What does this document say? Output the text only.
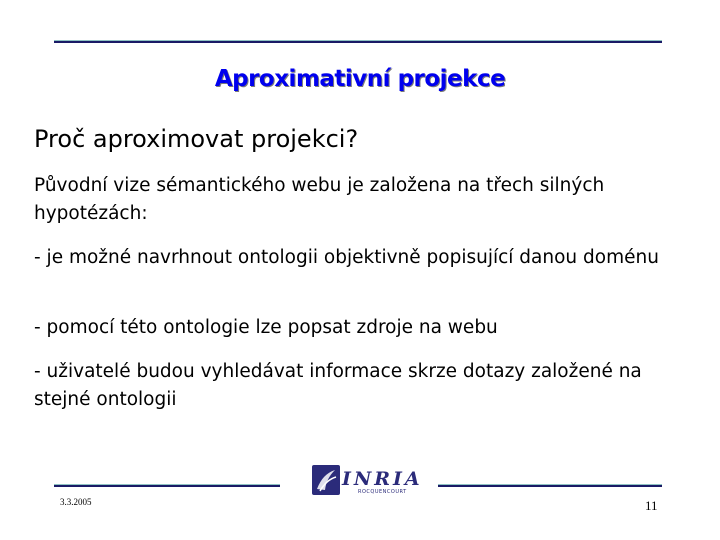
Aproximativní projekce
Proč aproximovat projekci?

Původní vize sémantického webu je založena na třech silných hypotézách:

- je možné navrhnout ontologii objektivně popisující danou doménu

- pomocí této ontologie lze popsat zdroje na webu

- uživatelé budou vyhledávat informace skrze dotazy založené na stejné ontologii

INRIA
ROCQUENCOURT
3.3.2005	11
